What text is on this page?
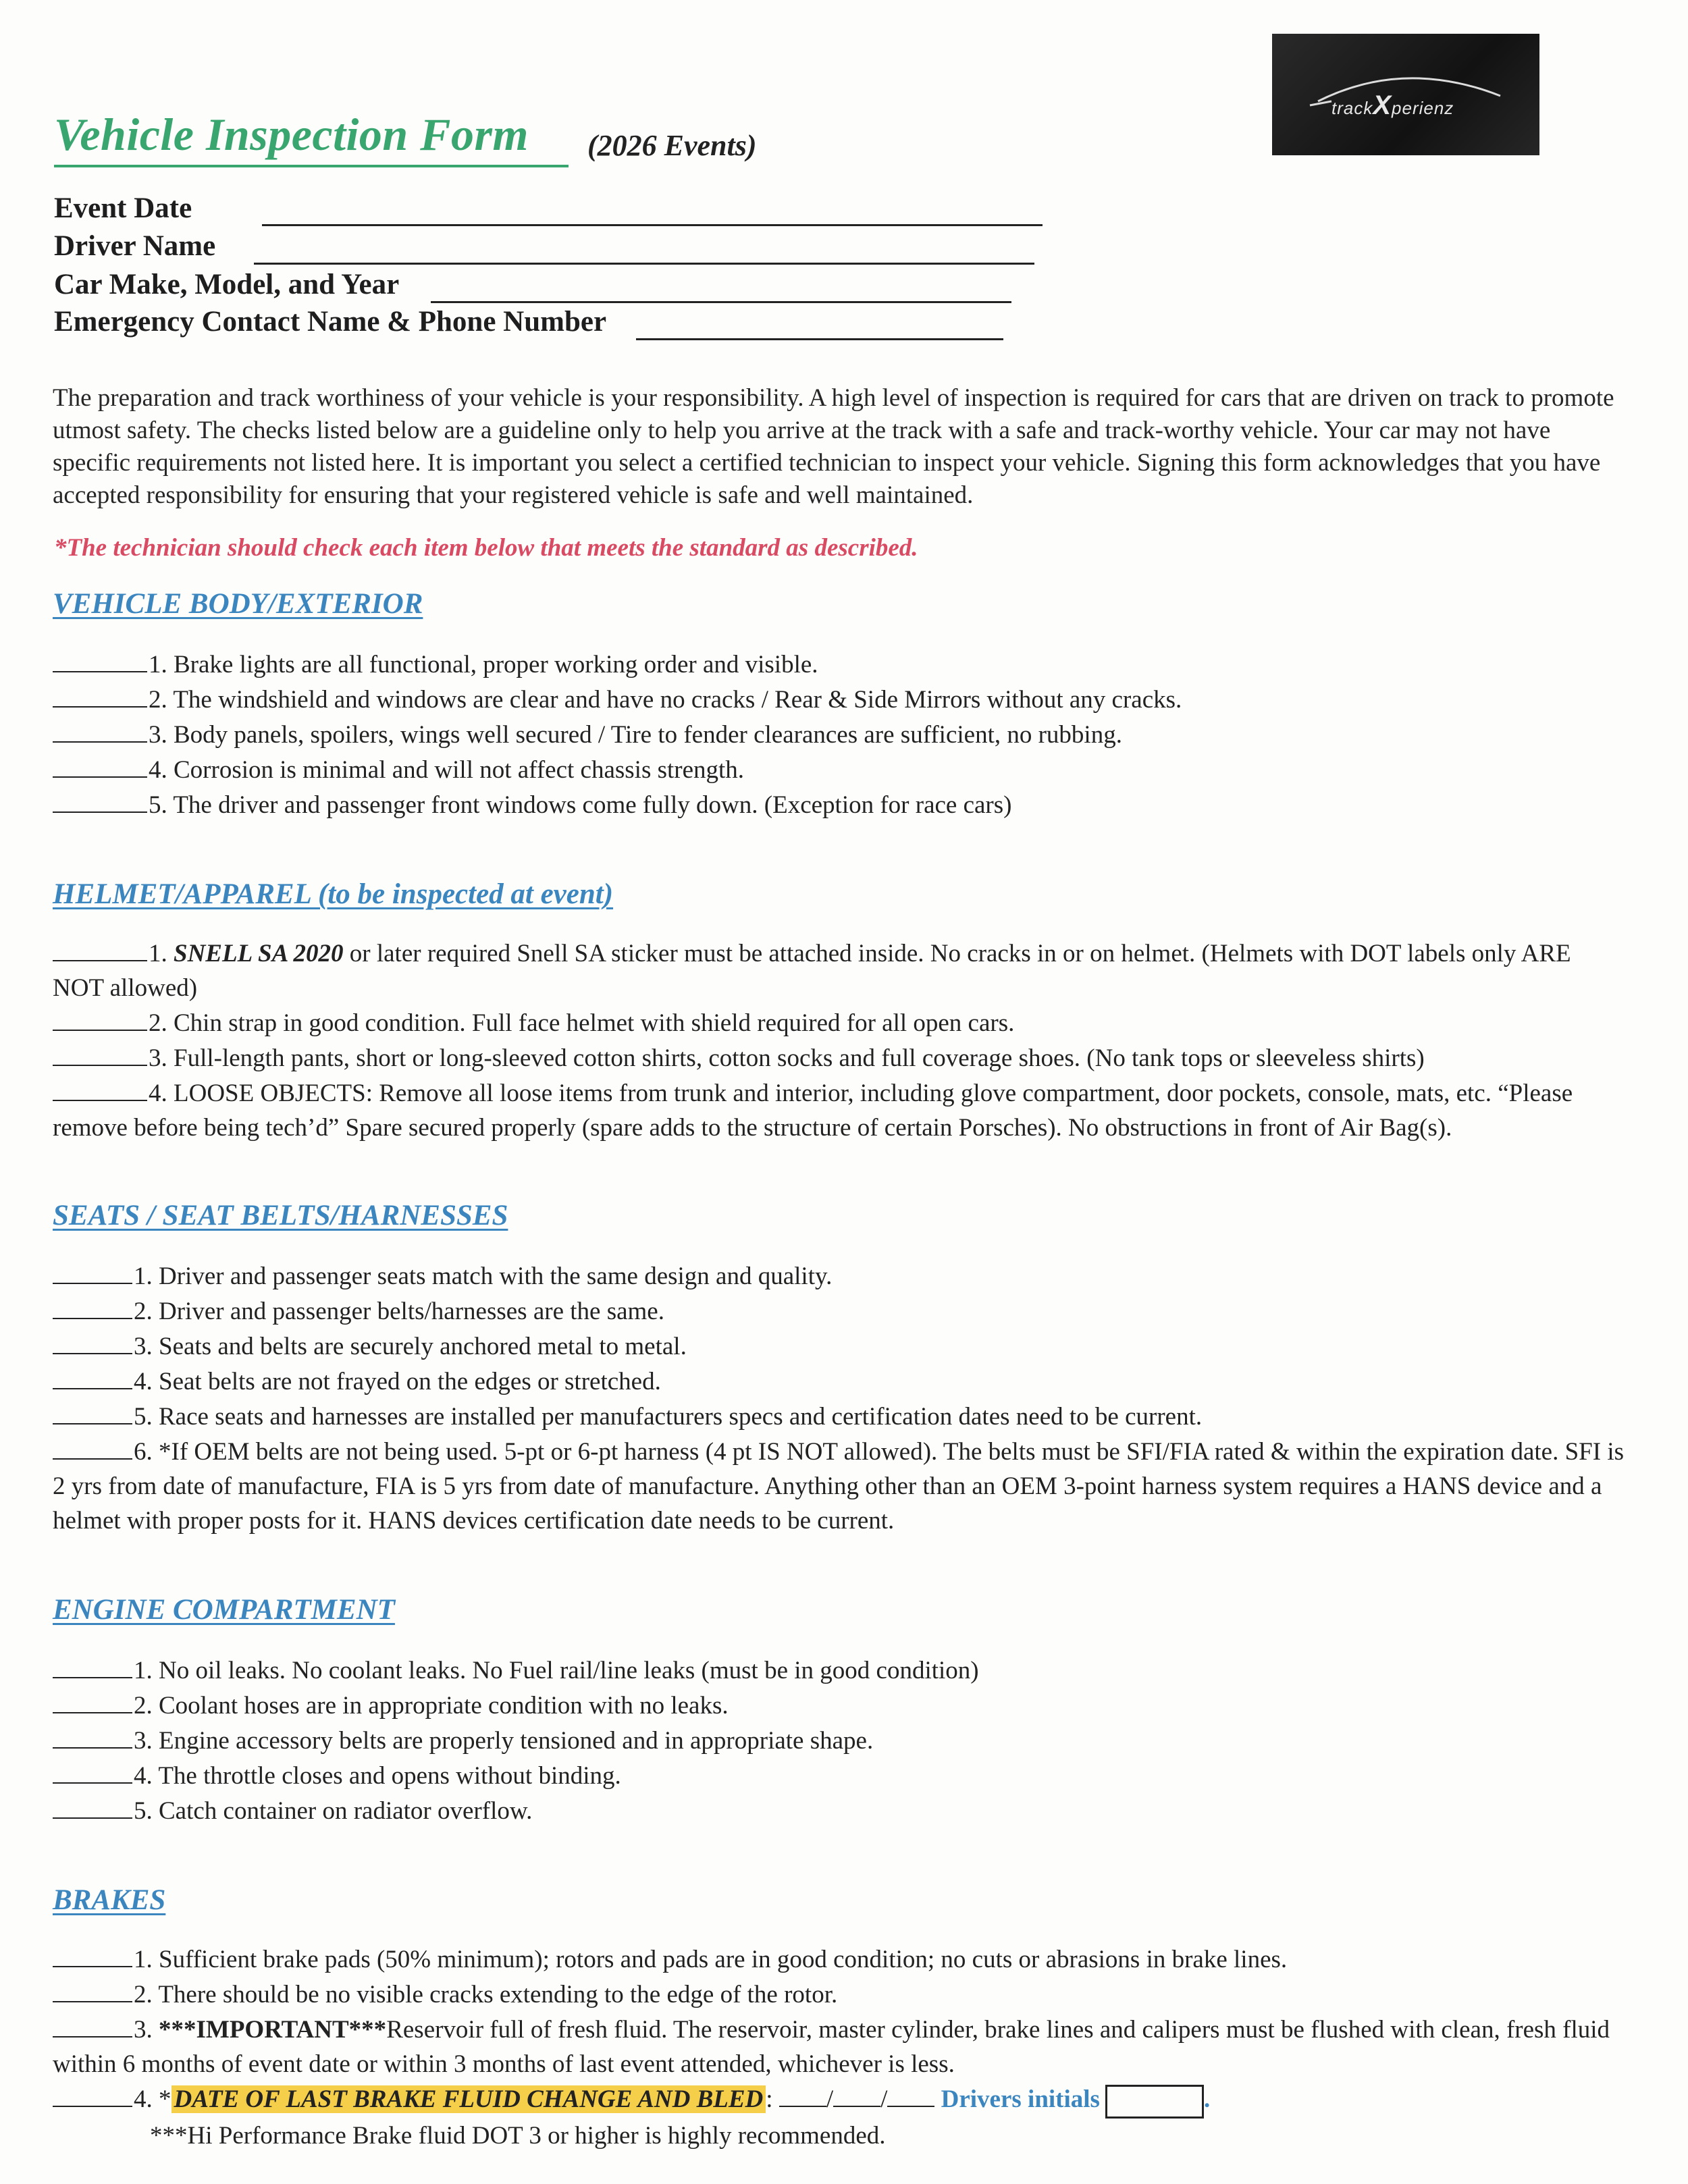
trackXperienz
Vehicle Inspection Form (2026 Events)
Event Date
Driver Name
Car Make, Model, and Year
Emergency Contact Name & Phone Number
The preparation and track worthiness of your vehicle is your responsibility. A high level of inspection is required for cars that are driven on track to promote utmost safety. The checks listed below are a guideline only to help you arrive at the track with a safe and track-worthy vehicle. Your car may not have specific requirements not listed here. It is important you select a certified technician to inspect your vehicle. Signing this form acknowledges that you have accepted responsibility for ensuring that your registered vehicle is safe and well maintained.
*The technician should check each item below that meets the standard as described.
VEHICLE BODY/EXTERIOR
1. Brake lights are all functional, proper working order and visible.
2. The windshield and windows are clear and have no cracks / Rear & Side Mirrors without any cracks.
3. Body panels, spoilers, wings well secured / Tire to fender clearances are sufficient, no rubbing.
4. Corrosion is minimal and will not affect chassis strength.
5. The driver and passenger front windows come fully down. (Exception for race cars)
HELMET/APPAREL (to be inspected at event)
1. SNELL SA 2020 or later required Snell SA sticker must be attached inside. No cracks in or on helmet. (Helmets with DOT labels only ARE NOT allowed)
2. Chin strap in good condition. Full face helmet with shield required for all open cars.
3. Full-length pants, short or long-sleeved cotton shirts, cotton socks and full coverage shoes. (No tank tops or sleeveless shirts)
4. LOOSE OBJECTS: Remove all loose items from trunk and interior, including glove compartment, door pockets, console, mats, etc. “Please remove before being tech’d” Spare secured properly (spare adds to the structure of certain Porsches). No obstructions in front of Air Bag(s).
SEATS / SEAT BELTS/HARNESSES
1. Driver and passenger seats match with the same design and quality.
2. Driver and passenger belts/harnesses are the same.
3. Seats and belts are securely anchored metal to metal.
4. Seat belts are not frayed on the edges or stretched.
5. Race seats and harnesses are installed per manufacturers specs and certification dates need to be current.
6. *If OEM belts are not being used. 5-pt or 6-pt harness (4 pt IS NOT allowed). The belts must be SFI/FIA rated & within the expiration date. SFI is 2 yrs from date of manufacture, FIA is 5 yrs from date of manufacture. Anything other than an OEM 3-point harness system requires a HANS device and a helmet with proper posts for it. HANS devices certification date needs to be current.
ENGINE COMPARTMENT
1. No oil leaks. No coolant leaks. No Fuel rail/line leaks (must be in good condition)
2. Coolant hoses are in appropriate condition with no leaks.
3. Engine accessory belts are properly tensioned and in appropriate shape.
4. The throttle closes and opens without binding.
5. Catch container on radiator overflow.
BRAKES
1. Sufficient brake pads (50% minimum); rotors and pads are in good condition; no cuts or abrasions in brake lines.
2. There should be no visible cracks extending to the edge of the rotor.
3. ***IMPORTANT***Reservoir full of fresh fluid. The reservoir, master cylinder, brake lines and calipers must be flushed with clean, fresh fluid within 6 months of event date or within 3 months of last event attended, whichever is less.
4. * DATE OF LAST BRAKE FLUID CHANGE AND BLED : / / Drivers initials	.
***Hi Performance Brake fluid DOT 3 or higher is highly recommended.
